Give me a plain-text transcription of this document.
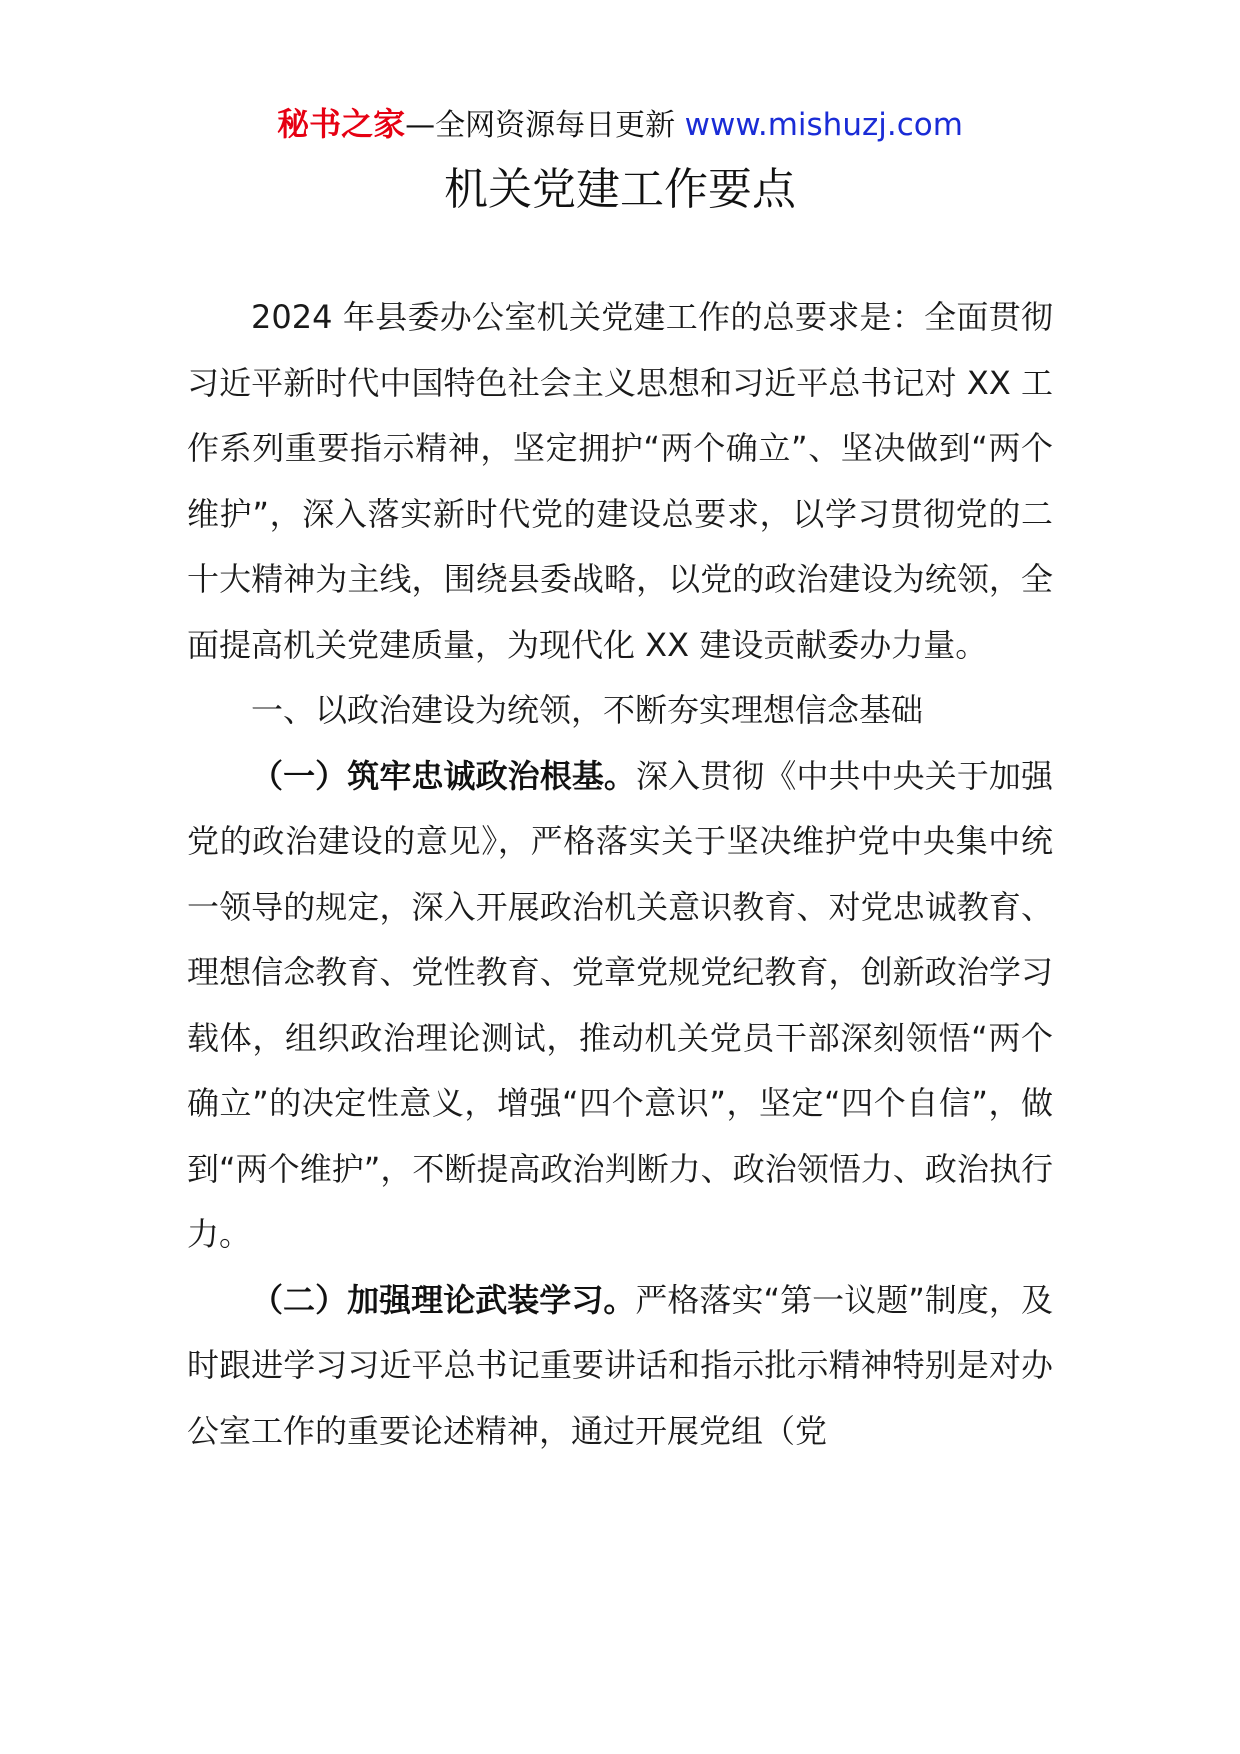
秘书之家—全网资源每日更新 www.mishuzj.com
机关党建工作要点

2024 年县委办公室机关党建工作的总要求是：全面贯彻习近平新时代中国特色社会主义思想和习近平总书记对 XX 工作系列重要指示精神，坚定拥护“两个确立”、坚决做到“两个维护”，深入落实新时代党的建设总要求，以学习贯彻党的二十大精神为主线，围绕县委战略，以党的政治建设为统领，全面提高机关党建质量，为现代化 XX 建设贡献委办力量。

一、以政治建设为统领，不断夯实理想信念基础

（一）筑牢忠诚政治根基。深入贯彻《中共中央关于加强党的政治建设的意见》，严格落实关于坚决维护党中央集中统一领导的规定，深入开展政治机关意识教育、对党忠诚教育、理想信念教育、党性教育、党章党规党纪教育，创新政治学习载体，组织政治理论测试，推动机关党员干部深刻领悟“两个确立”的决定性意义，增强“四个意识”，坚定“四个自信”，做到“两个维护”，不断提高政治判断力、政治领悟力、政治执行力。

（二）加强理论武装学习。严格落实“第一议题”制度，及时跟进学习习近平总书记重要讲话和指示批示精神特别是对办公室工作的重要论述精神，通过开展党组（党
